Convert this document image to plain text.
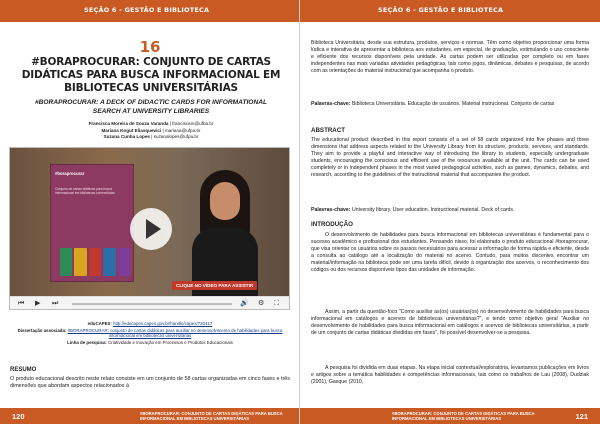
SEÇÃO 6 - GESTÃO E BIBLIOTECA
16
#BORAPROCURAR: CONJUNTO DE CARTAS DIDÁTICAS PARA BUSCA INFORMACIONAL EM BIBLIOTECAS UNIVERSITÁRIAS
#BORAPROCURAR: A DECK OF DIDACTIC CARDS FOR INFORMATIONAL SEARCH AT UNIVERSITY LIBRARIES
Francisca Moreira de Souza Varanda | franciscam@ufba.br
Mariana Kogut Eliasquevici | mariana@ufpa.br
Suzana Cunha Lopes | suzanalopes@ufpa.br
#boraprocurar
Conjunto de cartas didáticas para busca informacional em bibliotecas universitárias
CLIQUE NO VÍDEO PARA ASSISTIR
⏮ ▶ ⏭	🔊 ⚙ ⛶

eduCAPES: http://educapes.capes.gov.br/handle/capes/720417

Dissertação associada: #BORAPROCURAR: conjunto de cartas didáticas para auxiliar no desenvolvimento de habilidades para busca informacional em bibliotecas universitárias

Linha de pesquisa: Criatividade e Inovação em Processos e Produtos Educacionais

RESUMO
O produto educacional descrito neste relato consiste em um conjunto de 58 cartas organizadas em cinco fases e três dimensões que abordam aspectos relacionados à
120	#BORAPROCURAR: CONJUNTO DE CARTAS DIDÁTICAS PARA BUSCA INFORMACIONAL EM BIBLIOTECAS UNIVERSITÁRIAS
SEÇÃO 6 - GESTÃO E BIBLIOTECA
Biblioteca Universitária, desde sua estrutura, produtos, serviços e normas. Têm como objetivo proporcionar uma forma lúdica e interativa de apresentar a biblioteca aos estudantes, em especial, de graduação, estimulando o uso consciente e eficiente dos recursos disponíveis pela unidade. As cartas podem ser utilizadas por completo ou em fases independentes nas mais variadas atividades pedagógicas, tais como jogos, dinâmicas, debates e pesquisas, de acordo com as orientações do material instrucional que acompanha o produto.
Palavras-chave: Biblioteca Universitária. Educação de usuários. Material instrucional. Conjunto de cartas
ABSTRACT
The educational product described in this report consists of a set of 58 cards organized into five phases and three dimensions that address aspects related to the University Library from its structure, products, services, and standards. They aim to provide a playful and interactive way of introducing the library to students, especially undergraduate students, encouraging the conscious and efficient use of the resources available at the unit. The cards can be used completely or in independent phases in the most varied pedagogical activities, such as games, dynamics, debates, and research, according to the guidelines of the instructional material that accompanies the product.
Palavras-chave: University library. User education. Instructional material. Deck of cards.
INTRODUÇÃO
O desenvolvimento de habilidades para busca informacional em bibliotecas universitárias é fundamental para o sucesso acadêmico e profissional dos estudantes. Pensando nisso, foi elaborado o produto educacional #boraprocurar, que visa orientar os usuários sobre os passos necessários para acessar a informação de forma rápida e eficiente, desde a consulta ao catálogo até a localização do material no acervo. Contudo, para muitos discentes encontrar um material/informação na biblioteca pode ser uma tarefa difícil, devido à organização dos acervos, o reconhecimento dos códigos ou dos recursos disponíveis tipos das unidades de informação.
Assim, a partir da questão-foco "Como auxiliar as(os) usuárias(os) no desenvolvimento de habilidades para busca informacional em catálogos e acervos de bibliotecas universitárias?", e tendo como objetivo geral "Auxiliar no desenvolvimento de habilidades para busca informacional em catálogos e acervos de bibliotecas universitárias, a partir de um conjunto de cartas didáticas divididas em fases", foi possível desenvolver-se a pesquisa.
A pesquisa foi dividida em duas etapas. Na etapa inicial contextual/exploratória, levantamos publicações em livros e artigos sobre a temática habilidades e competências informacionais, tais como os trabalhos de Lau (2008), Dudziak (2001), Gasque (2010,
#BORAPROCURAR: CONJUNTO DE CARTAS DIDÁTICAS PARA BUSCA INFORMACIONAL EM BIBLIOTECAS UNIVERSITÁRIAS	121
